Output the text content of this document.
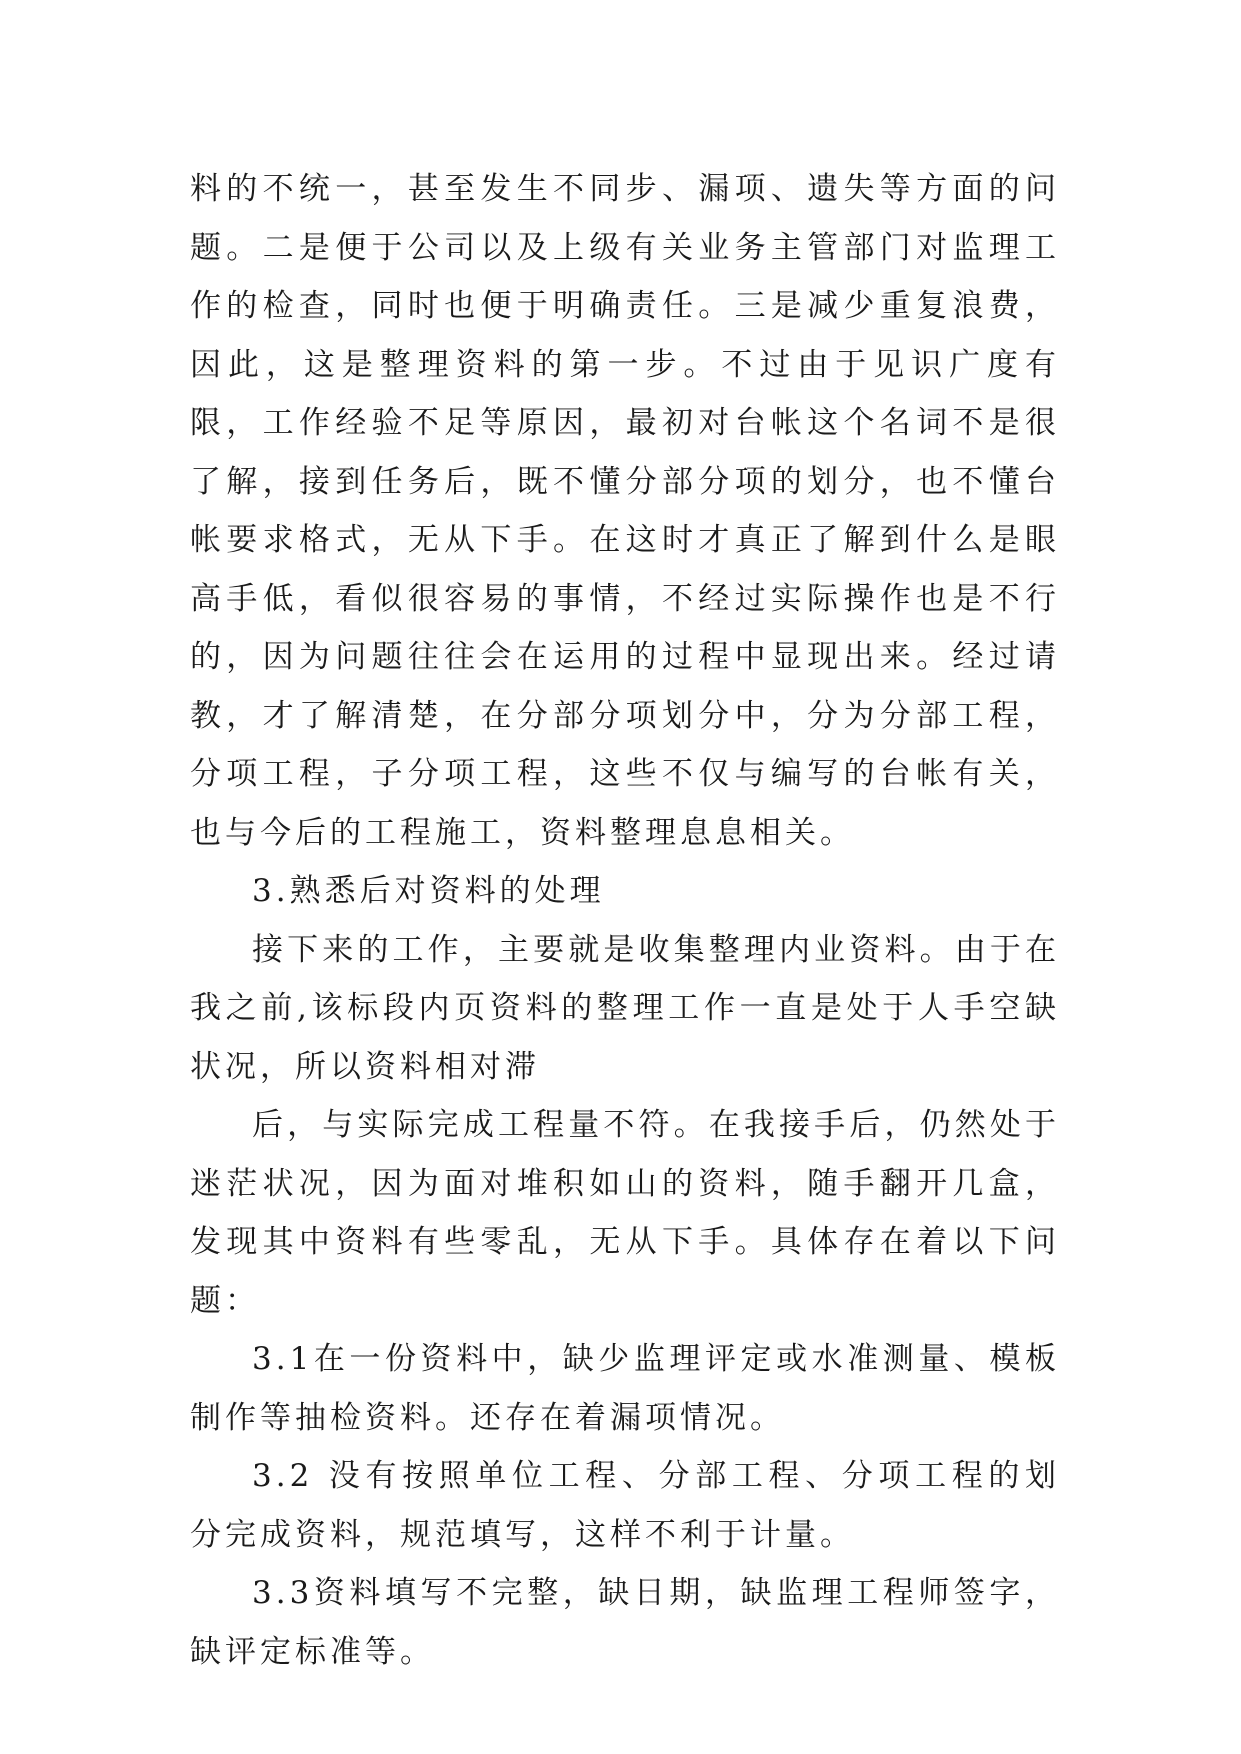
料的不统一，甚至发生不同步、漏项、遗失等方面的问题。二是便于公司以及上级有关业务主管部门对监理工作的检查，同时也便于明确责任。三是减少重复浪费，因此，这是整理资料的第一步。不过由于见识广度有限，工作经验不足等原因，最初对台帐这个名词不是很了解，接到任务后，既不懂分部分项的划分，也不懂台帐要求格式，无从下手。在这时才真正了解到什么是眼高手低，看似很容易的事情，不经过实际操作也是不行的，因为问题往往会在运用的过程中显现出来。经过请教，才了解清楚，在分部分项划分中，分为分部工程，分项工程，子分项工程，这些不仅与编写的台帐有关，也与今后的工程施工，资料整理息息相关。

3.熟悉后对资料的处理

接下来的工作，主要就是收集整理内业资料。由于在我之前,该标段内页资料的整理工作一直是处于人手空缺状况，所以资料相对滞

后，与实际完成工程量不符。在我接手后，仍然处于迷茫状况，因为面对堆积如山的资料，随手翻开几盒，发现其中资料有些零乱，无从下手。具体存在着以下问题：

3.1在一份资料中，缺少监理评定或水准测量、模板制作等抽检资料。还存在着漏项情况。

3.2 没有按照单位工程、分部工程、分项工程的划分完成资料，规范填写，这样不利于计量。

3.3资料填写不完整，缺日期，缺监理工程师签字，缺评定标准等。
